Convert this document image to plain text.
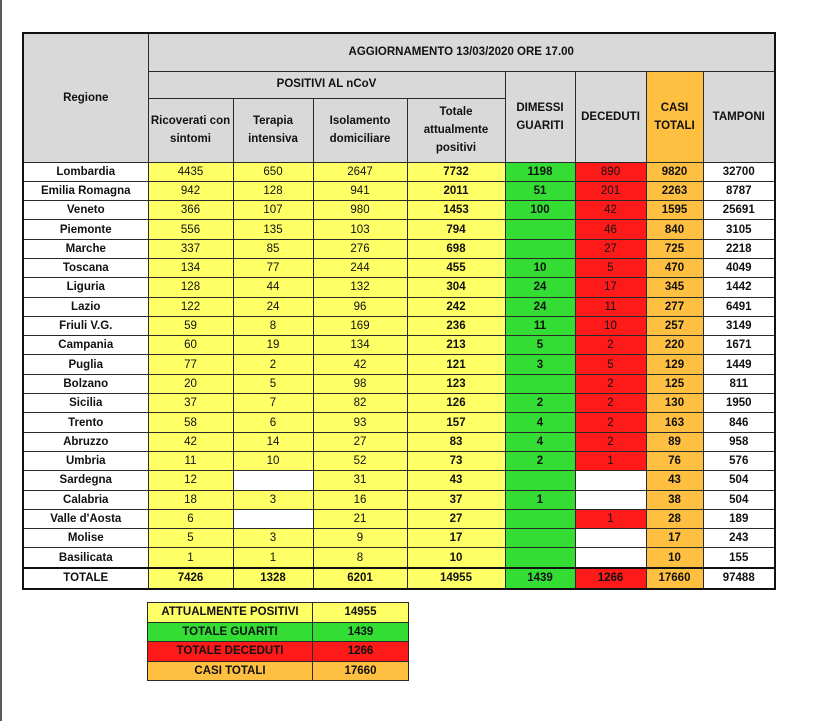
Regione	AGGIORNAMENTO 13/03/2020 ORE 17.00							
	POSITIVI AL nCoV				DIMESSI GUARITI	DECEDUTI	CASI TOTALI	TAMPONI
	Ricoverati con sintomi	Terapia intensiva	Isolamento domiciliare	Totale attualmente positivi				
Lombardia	4435	650	2647	7732	1198	890	9820	32700
Emilia Romagna	942	128	941	2011	51	201	2263	8787
Veneto	366	107	980	1453	100	42	1595	25691
Piemonte	556	135	103	794		46	840	3105
Marche	337	85	276	698		27	725	2218
Toscana	134	77	244	455	10	5	470	4049
Liguria	128	44	132	304	24	17	345	1442
Lazio	122	24	96	242	24	11	277	6491
Friuli V.G.	59	8	169	236	11	10	257	3149
Campania	60	19	134	213	5	2	220	1671
Puglia	77	2	42	121	3	5	129	1449
Bolzano	20	5	98	123		2	125	811
Sicilia	37	7	82	126	2	2	130	1950
Trento	58	6	93	157	4	2	163	846
Abruzzo	42	14	27	83	4	2	89	958
Umbria	11	10	52	73	2	1	76	576
Sardegna	12		31	43			43	504
Calabria	18	3	16	37	1		38	504
Valle d'Aosta	6		21	27		1	28	189
Molise	5	3	9	17			17	243
Basilicata	1	1	8	10			10	155
TOTALE	7426	1328	6201	14955	1439	1266	17660	97488
ATTUALMENTE POSITIVI	14955
TOTALE GUARITI	1439
TOTALE DECEDUTI	1266
CASI TOTALI	17660
